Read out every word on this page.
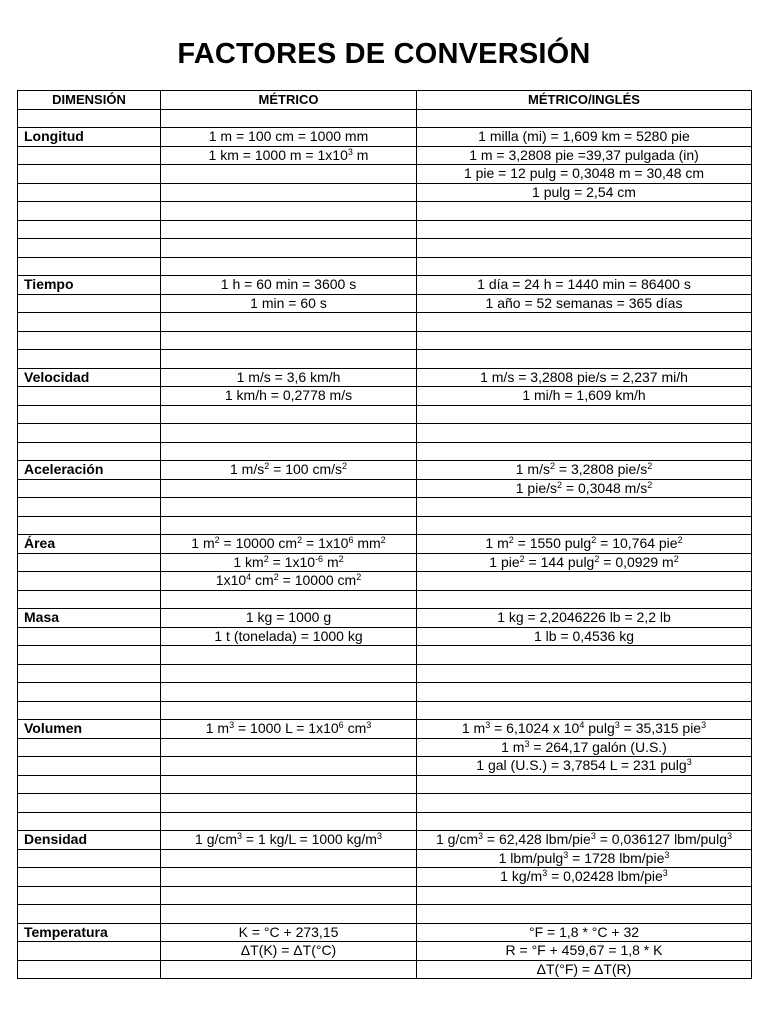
FACTORES DE CONVERSIÓN
DIMENSIÓN	MÉTRICO	MÉTRICO/INGLÉS

Longitud	1 m = 100 cm = 1000 mm	1 milla (mi) = 1,609 km = 5280 pie
	1 km = 1000 $m = 1x10^3$ m	1 m = 3,2808 pie =39,37 pulgada (in)
		1 pie = 12 pulg = 0,3048 m = 30,48 cm
		1 pulg = 2,54 cm

Tiempo	1 h = 60 min = 3600 s	1 día = 24 h = 1440 min = 86400 s
	1 min = 60 s	1 año = 52 semanas = 365 días

Velocidad	1 m/s = 3,6 km/h	1 m/s = 3,2808 pie/s = 2,237 mi/h
	1 km/h = 0,2778 m/s	1 mi/h = 1,609 km/h

Aceleración	1 $m/s^2 = 100$ $cm/s^2$	1 $m/s^2 = 3,2808$ pie/$s^2$
		1 pie/$s^2 = 0,3048$ $m/s^2$

Área	1 $m^2 = 10000$ $cm^2 = 1x10^6$ $mm^2$	1 $m^2 = 1550$ pulg$^2$ = 10,764 pie$^2$
	1 $km^2 = 1x10^{-6}$ $m^2$	1 pie$^2$ = 144 pulg$^2$ = 0,0929 $m^2$
	$1x10^4$ $cm^2 = 10000$ $cm^2$	

Masa	1 kg = 1000 g	1 kg = 2,2046226 lb = 2,2 lb
	1 t (tonelada) = 1000 kg	1 lb = 0,4536 kg

Volumen	1 $m^3 = 1000$ $L = 1x10^6$ $cm^3$	1 $m^3 = 6,1024$ x $10^4$ pulg$^3$ = 35,315 pie$^3$
		1 $m^3 = 264,17$ galón (U.S.)
		1 gal (U.S.) = 3,7854 L = 231 pulg$^3$

Densidad	1 $g/cm^3 = 1$ kg/L = 1000 $kg/m^3$	1 $g/cm^3 = 62,428$ lbm/pie$^3$ = 0,036127 lbm/pulg$^3$
		1 lbm/pulg$^3$ = 1728 lbm/pie$^3$
		1 $kg/m^3 = 0,02428$ lbm/pie$^3$

Temperatura	K = °C + 273,15	°F = 1,8 * °C + 32
	ΔT(K) = ΔT(°C)	R = °F + 459,67 = 1,8 * K
		ΔT(°F) = ΔT(R)
